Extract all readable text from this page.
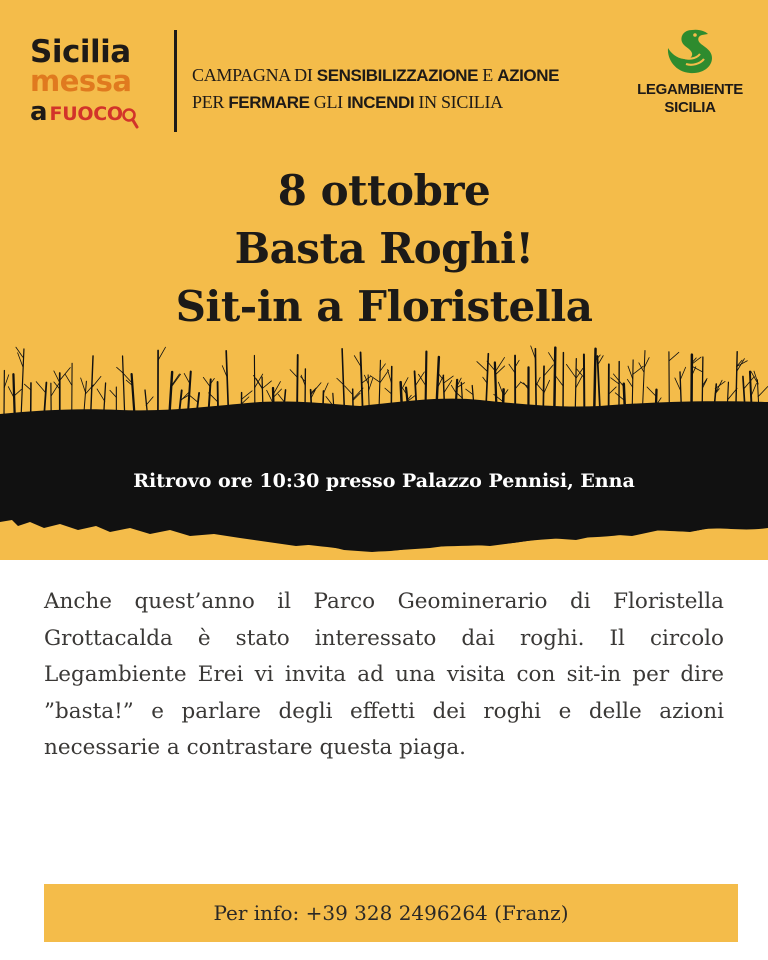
Sicilia
messa
a FUOCO
CAMPAGNA DI SENSIBILIZZAZIONE E AZIONE
PER FERMARE GLI INCENDI IN SICILIA
LEGAMBIENTE
SICILIA
8 ottobre
Basta Roghi!
Sit-in a Floristella
Ritrovo ore 10:30 presso Palazzo Pennisi, Enna
Anche quest’anno il Parco Geominerario di Floristella Grottacalda è stato interessato dai roghi. Il circolo Legambiente Erei vi invita ad una visita con sit-in per dire ”basta!” e parlare degli effetti dei roghi e delle azioni necessarie a contrastare questa piaga.
Per info: +39 328 2496264 (Franz)
